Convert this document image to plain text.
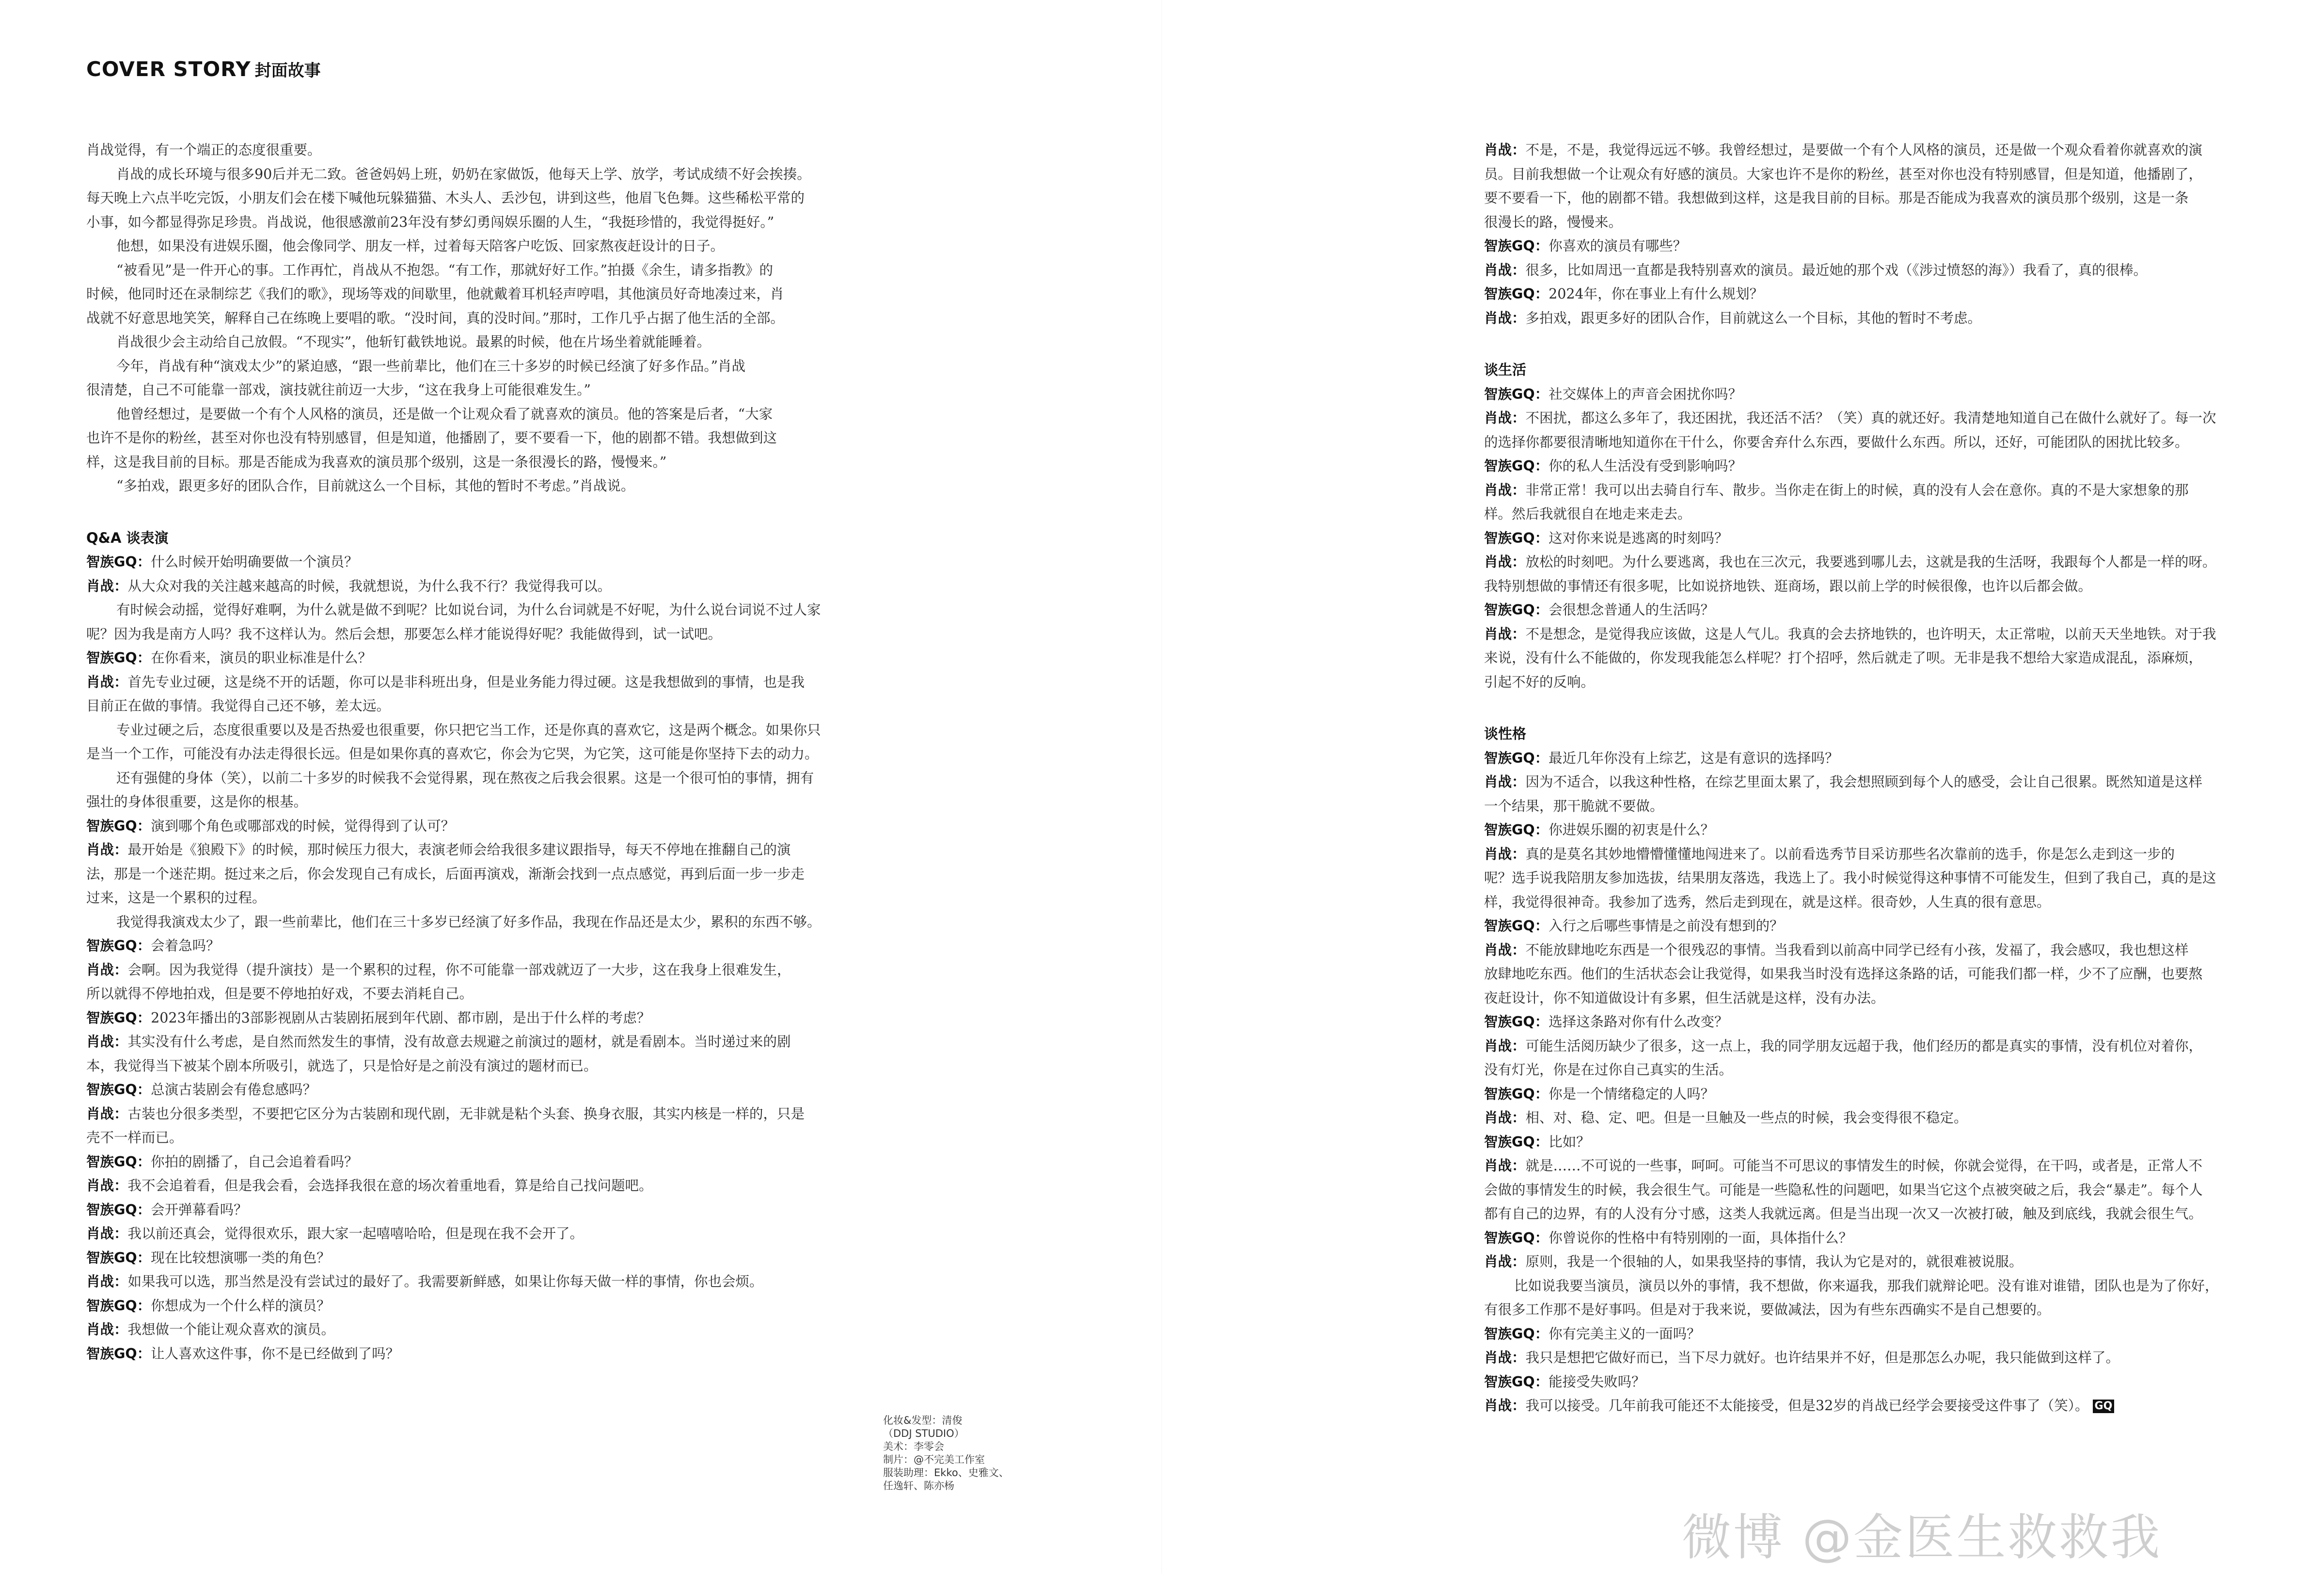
COVER STORY 封面故事

肖战觉得，有一个端正的态度很重要。

肖战的成长环境与很多90后并无二致。爸爸妈妈上班，奶奶在家做饭，他每天上学、放学，考试成绩不好会挨揍。

每天晚上六点半吃完饭，小朋友们会在楼下喊他玩躲猫猫、木头人、丢沙包，讲到这些，他眉飞色舞。这些稀松平常的

小事，如今都显得弥足珍贵。肖战说，他很感激前23年没有梦幻勇闯娱乐圈的人生，“我挺珍惜的，我觉得挺好。”

他想，如果没有进娱乐圈，他会像同学、朋友一样，过着每天陪客户吃饭、回家熬夜赶设计的日子。

“被看见”是一件开心的事。工作再忙，肖战从不抱怨。“有工作，那就好好工作。”拍摄《余生，请多指教》的

时候，他同时还在录制综艺《我们的歌》，现场等戏的间歇里，他就戴着耳机轻声哼唱，其他演员好奇地凑过来，肖

战就不好意思地笑笑，解释自己在练晚上要唱的歌。“没时间，真的没时间。”那时，工作几乎占据了他生活的全部。

肖战很少会主动给自己放假。“不现实”，他斩钉截铁地说。最累的时候，他在片场坐着就能睡着。

今年，肖战有种“演戏太少”的紧迫感，“跟一些前辈比，他们在三十多岁的时候已经演了好多作品。”肖战

很清楚，自己不可能靠一部戏，演技就往前迈一大步，“这在我身上可能很难发生。”

他曾经想过，是要做一个有个人风格的演员，还是做一个让观众看了就喜欢的演员。他的答案是后者，“大家

也许不是你的粉丝，甚至对你也没有特别感冒，但是知道，他播剧了，要不要看一下，他的剧都不错。我想做到这

样，这是我目前的目标。那是否能成为我喜欢的演员那个级别，这是一条很漫长的路，慢慢来。”

“多拍戏，跟更多好的团队合作，目前就这么一个目标，其他的暂时不考虑。”肖战说。

Q&A 谈表演

智族GQ：什么时候开始明确要做一个演员？

肖战：从大众对我的关注越来越高的时候，我就想说，为什么我不行？我觉得我可以。

有时候会动摇，觉得好难啊，为什么就是做不到呢？比如说台词，为什么台词就是不好呢，为什么说台词说不过人家

呢？因为我是南方人吗？我不这样认为。然后会想，那要怎么样才能说得好呢？我能做得到，试一试吧。

智族GQ：在你看来，演员的职业标准是什么？

肖战：首先专业过硬，这是绕不开的话题，你可以是非科班出身，但是业务能力得过硬。这是我想做到的事情，也是我

目前正在做的事情。我觉得自己还不够，差太远。

专业过硬之后，态度很重要以及是否热爱也很重要，你只把它当工作，还是你真的喜欢它，这是两个概念。如果你只

是当一个工作，可能没有办法走得很长远。但是如果你真的喜欢它，你会为它哭，为它笑，这可能是你坚持下去的动力。

还有强健的身体（笑），以前二十多岁的时候我不会觉得累，现在熬夜之后我会很累。这是一个很可怕的事情，拥有

强壮的身体很重要，这是你的根基。

智族GQ：演到哪个角色或哪部戏的时候，觉得得到了认可？

肖战：最开始是《狼殿下》的时候，那时候压力很大，表演老师会给我很多建议跟指导，每天不停地在推翻自己的演

法，那是一个迷茫期。挺过来之后，你会发现自己有成长，后面再演戏，渐渐会找到一点点感觉，再到后面一步一步走

过来，这是一个累积的过程。

我觉得我演戏太少了，跟一些前辈比，他们在三十多岁已经演了好多作品，我现在作品还是太少，累积的东西不够。

智族GQ：会着急吗？

肖战：会啊。因为我觉得（提升演技）是一个累积的过程，你不可能靠一部戏就迈了一大步，这在我身上很难发生，

所以就得不停地拍戏，但是要不停地拍好戏，不要去消耗自己。

智族GQ：2023年播出的3部影视剧从古装剧拓展到年代剧、都市剧，是出于什么样的考虑？

肖战：其实没有什么考虑，是自然而然发生的事情，没有故意去规避之前演过的题材，就是看剧本。当时递过来的剧

本，我觉得当下被某个剧本所吸引，就选了，只是恰好是之前没有演过的题材而已。

智族GQ：总演古装剧会有倦怠感吗？

肖战：古装也分很多类型，不要把它区分为古装剧和现代剧，无非就是粘个头套、换身衣服，其实内核是一样的，只是

壳不一样而已。

智族GQ：你拍的剧播了，自己会追着看吗？

肖战：我不会追着看，但是我会看，会选择我很在意的场次着重地看，算是给自己找问题吧。

智族GQ：会开弹幕看吗？

肖战：我以前还真会，觉得很欢乐，跟大家一起嘻嘻哈哈，但是现在我不会开了。

智族GQ：现在比较想演哪一类的角色？

肖战：如果我可以选，那当然是没有尝试过的最好了。我需要新鲜感，如果让你每天做一样的事情，你也会烦。

智族GQ：你想成为一个什么样的演员？

肖战：我想做一个能让观众喜欢的演员。

智族GQ：让人喜欢这件事，你不是已经做到了吗？

肖战：不是，不是，我觉得远远不够。我曾经想过，是要做一个有个人风格的演员，还是做一个观众看着你就喜欢的演

员。目前我想做一个让观众有好感的演员。大家也许不是你的粉丝，甚至对你也没有特别感冒，但是知道，他播剧了，

要不要看一下，他的剧都不错。我想做到这样，这是我目前的目标。那是否能成为我喜欢的演员那个级别，这是一条

很漫长的路，慢慢来。

智族GQ：你喜欢的演员有哪些？

肖战：很多，比如周迅一直都是我特别喜欢的演员。最近她的那个戏（《涉过愤怒的海》）我看了，真的很棒。

智族GQ：2024年，你在事业上有什么规划？

肖战：多拍戏，跟更多好的团队合作，目前就这么一个目标，其他的暂时不考虑。

谈生活

智族GQ：社交媒体上的声音会困扰你吗？

肖战：不困扰，都这么多年了，我还困扰，我还活不活？（笑）真的就还好。我清楚地知道自己在做什么就好了。每一次

的选择你都要很清晰地知道你在干什么，你要舍弃什么东西，要做什么东西。所以，还好，可能团队的困扰比较多。

智族GQ：你的私人生活没有受到影响吗？

肖战：非常正常！我可以出去骑自行车、散步。当你走在街上的时候，真的没有人会在意你。真的不是大家想象的那

样。然后我就很自在地走来走去。

智族GQ：这对你来说是逃离的时刻吗？

肖战：放松的时刻吧。为什么要逃离，我也在三次元，我要逃到哪儿去，这就是我的生活呀，我跟每个人都是一样的呀。

我特别想做的事情还有很多呢，比如说挤地铁、逛商场，跟以前上学的时候很像，也许以后都会做。

智族GQ：会很想念普通人的生活吗？

肖战：不是想念，是觉得我应该做，这是人气儿。我真的会去挤地铁的，也许明天，太正常啦，以前天天坐地铁。对于我

来说，没有什么不能做的，你发现我能怎么样呢？打个招呼，然后就走了呗。无非是我不想给大家造成混乱，添麻烦，

引起不好的反响。

谈性格

智族GQ：最近几年你没有上综艺，这是有意识的选择吗？

肖战：因为不适合，以我这种性格，在综艺里面太累了，我会想照顾到每个人的感受，会让自己很累。既然知道是这样

一个结果，那干脆就不要做。

智族GQ：你进娱乐圈的初衷是什么？

肖战：真的是莫名其妙地懵懵懂懂地闯进来了。以前看选秀节目采访那些名次靠前的选手，你是怎么走到这一步的

呢？选手说我陪朋友参加选拔，结果朋友落选，我选上了。我小时候觉得这种事情不可能发生，但到了我自己，真的是这

样，我觉得很神奇。我参加了选秀，然后走到现在，就是这样。很奇妙，人生真的很有意思。

智族GQ：入行之后哪些事情是之前没有想到的？

肖战：不能放肆地吃东西是一个很残忍的事情。当我看到以前高中同学已经有小孩，发福了，我会感叹，我也想这样

放肆地吃东西。他们的生活状态会让我觉得，如果我当时没有选择这条路的话，可能我们都一样，少不了应酬，也要熬

夜赶设计，你不知道做设计有多累，但生活就是这样，没有办法。

智族GQ：选择这条路对你有什么改变？

肖战：可能生活阅历缺少了很多，这一点上，我的同学朋友远超于我，他们经历的都是真实的事情，没有机位对着你，

没有灯光，你是在过你自己真实的生活。

智族GQ：你是一个情绪稳定的人吗？

肖战：相、对、稳、定、吧。但是一旦触及一些点的时候，我会变得很不稳定。

智族GQ：比如？

肖战：就是……不可说的一些事，呵呵。可能当不可思议的事情发生的时候，你就会觉得，在干吗，或者是，正常人不

会做的事情发生的时候，我会很生气。可能是一些隐私性的问题吧，如果当它这个点被突破之后，我会“暴走”。每个人

都有自己的边界，有的人没有分寸感，这类人我就远离。但是当出现一次又一次被打破，触及到底线，我就会很生气。

智族GQ：你曾说你的性格中有特别刚的一面，具体指什么？

肖战：原则，我是一个很轴的人，如果我坚持的事情，我认为它是对的，就很难被说服。

比如说我要当演员，演员以外的事情，我不想做，你来逼我，那我们就辩论吧。没有谁对谁错，团队也是为了你好，

有很多工作那不是好事吗。但是对于我来说，要做减法，因为有些东西确实不是自己想要的。

智族GQ：你有完美主义的一面吗？

肖战：我只是想把它做好而已，当下尽力就好。也许结果并不好，但是那怎么办呢，我只能做到这样了。

智族GQ：能接受失败吗？

肖战：我可以接受。几年前我可能还不太能接受，但是32岁的肖战已经学会要接受这件事了（笑）。 GQ

化妆&发型：清俊
（DDJ STUDIO）
美术：李零会
制片：@不完美工作室
服装助理：Ekko、史雅文、
任逸轩、陈亦杨
微博 @金医生救救我
